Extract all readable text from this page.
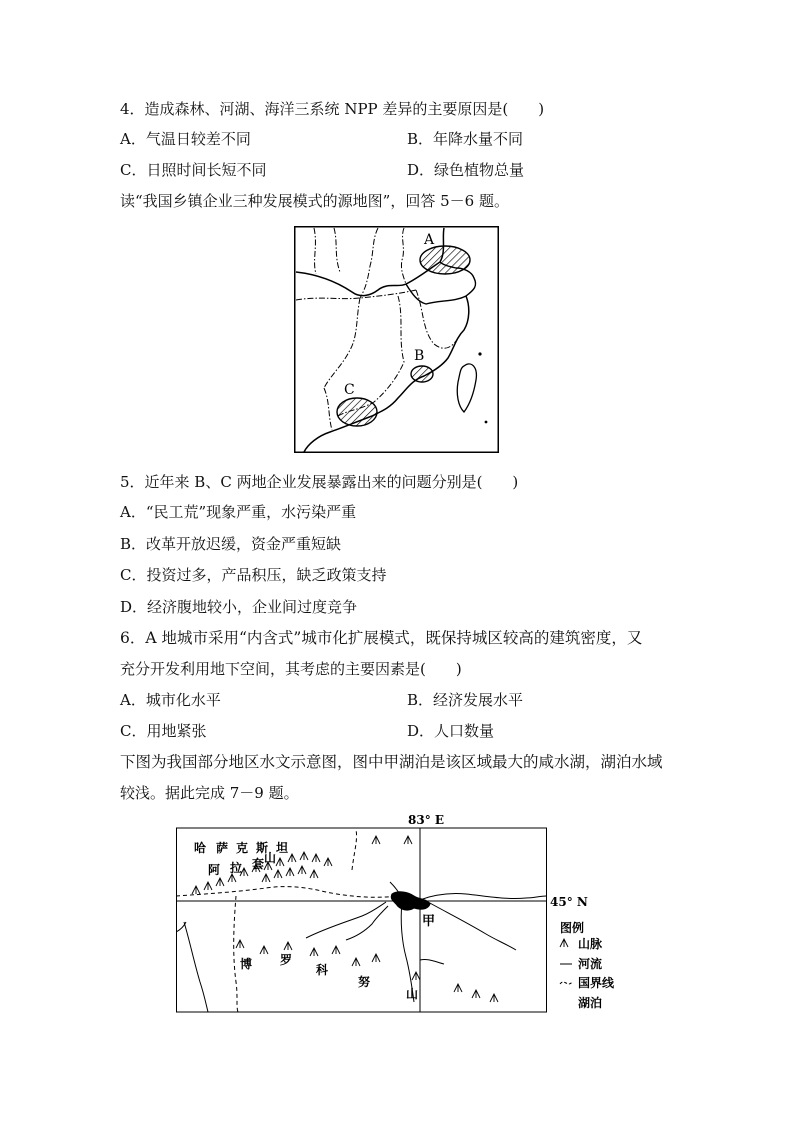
4．造成森林、河湖、海洋三系统 NPP 差异的主要原因是(　　)
A．气温日较差不同	B．年降水量不同
C．日照时间长短不同	D．绿色植物总量
读“我国乡镇企业三种发展模式的源地图”，回答 5－6 题。
A
B
C
5．近年来 B、C 两地企业发展暴露出来的问题分别是(　　)
A．“民工荒”现象严重，水污染严重
B．改革开放迟缓，资金严重短缺
C．投资过多，产品积压，缺乏政策支持
D．经济腹地较小，企业间过度竞争
6．A 地城市采用“内含式”城市化扩展模式，既保持城区较高的建筑密度，又
充分开发利用地下空间，其考虑的主要因素是(　　)
A．城市化水平	B．经济发展水平
C．用地紧张	D．人口数量
下图为我国部分地区水文示意图，图中甲湖泊是该区域最大的咸水湖，湖泊水域
较浅。据此完成 7－9 题。
83° E
45° N
甲
哈 萨 克 斯 坦
阿 拉 套 山
博 罗
科
努
山
图例
山脉
河流
国界线
湖泊
